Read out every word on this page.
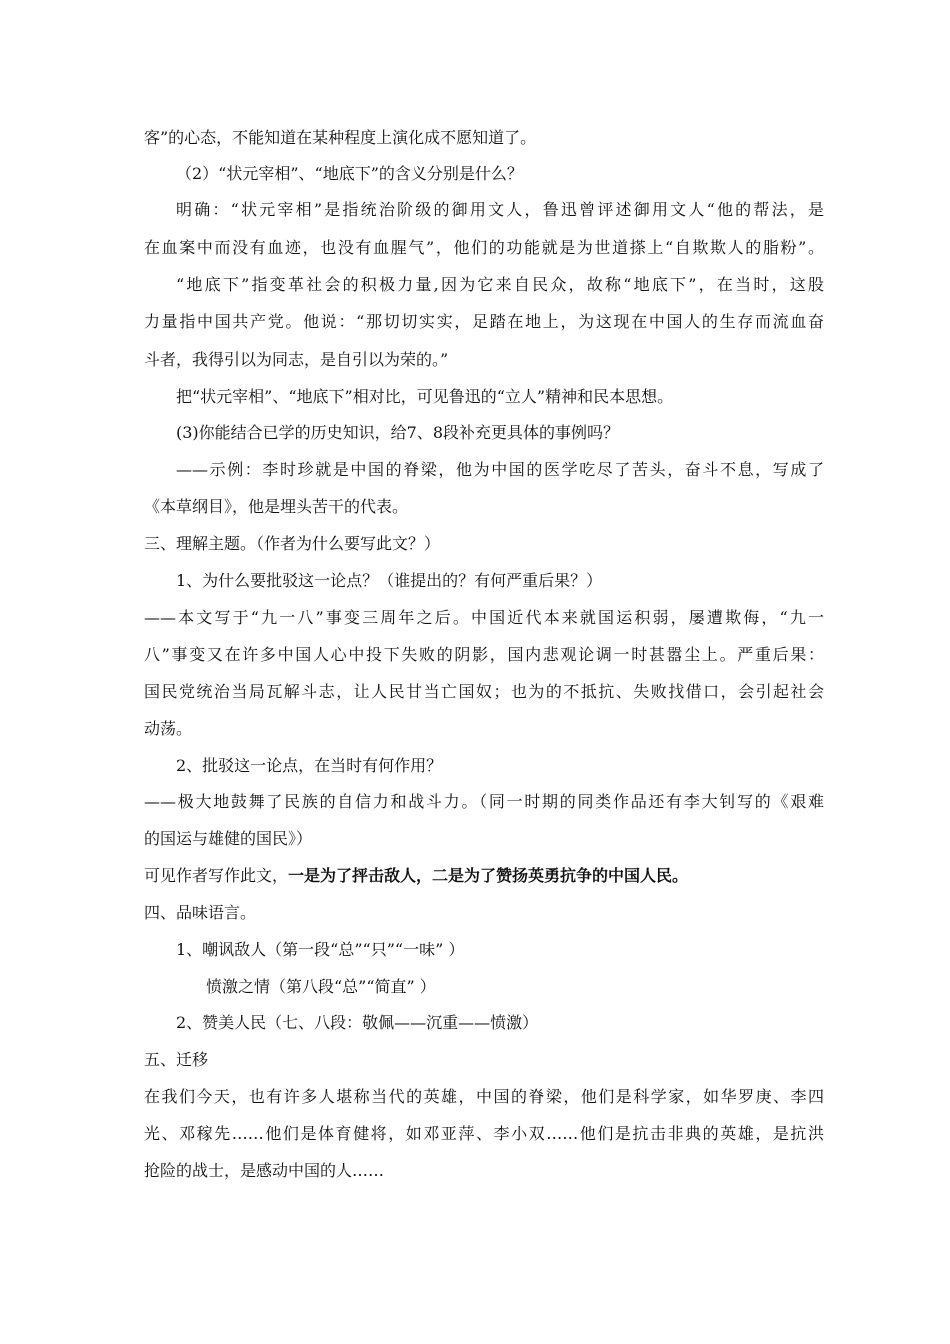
客”的心态，不能知道在某种程度上演化成不愿知道了。
（2）“状元宰相”、“地底下”的含义分别是什么？
明确：“状元宰相”是指统治阶级的御用文人，鲁迅曾评述御用文人“他的帮法，是
在血案中而没有血迹，也没有血腥气”，他们的功能就是为世道搽上“自欺欺人的脂粉”。
“地底下”指变革社会的积极力量,因为它来自民众，故称“地底下”，在当时，这股
力量指中国共产党。他说：“那切切实实，足踏在地上，为这现在中国人的生存而流血奋
斗者，我得引以为同志，是自引以为荣的。”
把“状元宰相”、“地底下”相对比，可见鲁迅的“立人”精神和民本思想。
(3)你能结合已学的历史知识，给7、8段补充更具体的事例吗？
——示例：李时珍就是中国的脊梁，他为中国的医学吃尽了苦头，奋斗不息，写成了
《本草纲目》，他是埋头苦干的代表。
三、理解主题。（作者为什么要写此文？）
1、为什么要批驳这一论点？（谁提出的？有何严重后果？）
——本文写于“九一八”事变三周年之后。中国近代本来就国运积弱，屡遭欺侮，“九一
八”事变又在许多中国人心中投下失败的阴影，国内悲观论调一时甚嚣尘上。严重后果：
国民党统治当局瓦解斗志，让人民甘当亡国奴；也为的不抵抗、失败找借口，会引起社会
动荡。
2、批驳这一论点，在当时有何作用？
——极大地鼓舞了民族的自信力和战斗力。（同一时期的同类作品还有李大钊写的《艰难
的国运与雄健的国民》）
可见作者写作此文，一是为了抨击敌人，二是为了赞扬英勇抗争的中国人民。
四、品味语言。
1、嘲讽敌人（第一段“总”“只”“一味” ）
愤激之情（第八段“总”“简直” ）
2、赞美人民（七、八段：敬佩——沉重——愤激）
五、迁移
在我们今天，也有许多人堪称当代的英雄，中国的脊梁，他们是科学家，如华罗庚、李四
光、邓稼先……他们是体育健将，如邓亚萍、李小双……他们是抗击非典的英雄，是抗洪
抢险的战士，是感动中国的人……
